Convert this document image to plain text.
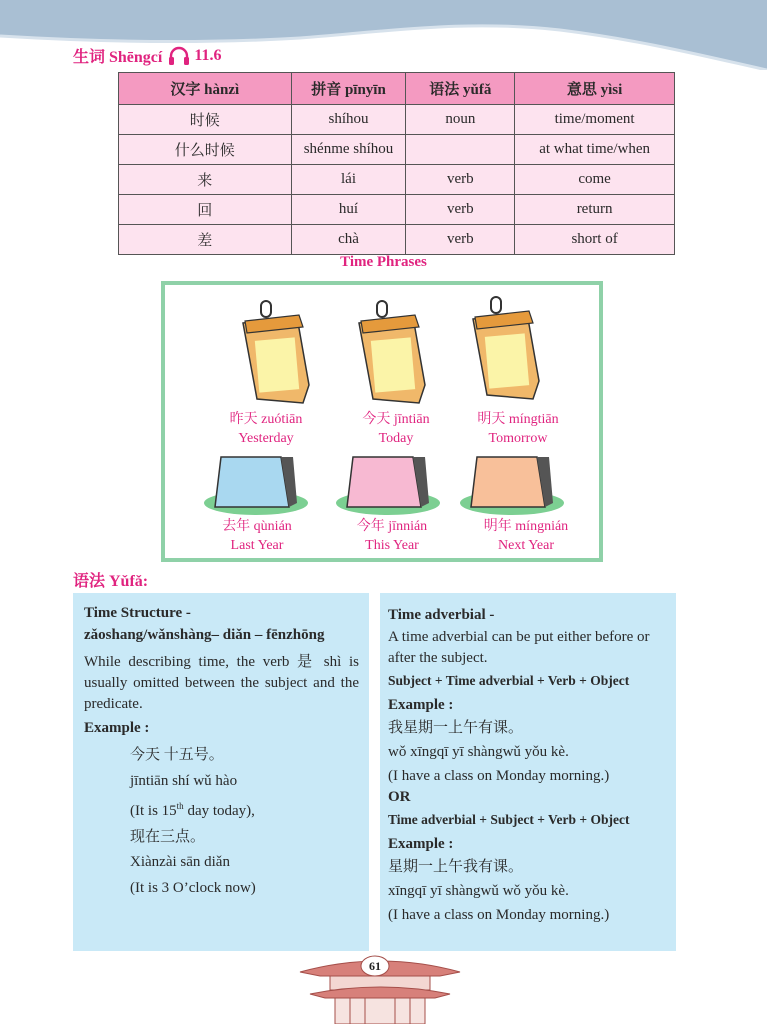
生词 Shēngcí 11.6
汉字 hànzì	拼音 pīnyīn	语法 yǔfǎ	意思 yìsi
时候	shíhou	noun	time/moment
什么时候	shénme shíhou		at what time/when
来	lái	verb	come
回	huí	verb	return
差	chà	verb	short of
Time Phrases
昨天 zuótiān
Yesterday
今天 jīntiān
Today
明天 míngtiān
Tomorrow
去年 qùnián
Last Year
今年 jīnnián
This Year
明年 míngnián
Next Year
语法 Yǔfǎ:

Time Structure -

zǎoshang/wǎnshàng– diǎn – fēnzhōng

While describing time, the verb 是 shì is usually omitted between the subject and the predicate.

Example :

今天 十五号。
jīntiān shí wǔ hào
(It is 15th day today),
现在三点。
Xiànzài sān diǎn
(It is 3 O’clock now)

Time adverbial -

A time adverbial can be put either before or after the subject.

Subject + Time adverbial + Verb + Object

Example :

我星期一上午有课。

wǒ xīngqī yī shàngwǔ yǒu kè.

(I have a class on Monday morning.)

OR

Time adverbial + Subject + Verb + Object

Example :

星期一上午我有课。

xīngqī yī shàngwǔ wǒ yǒu kè.

(I have a class on Monday morning.)

61
